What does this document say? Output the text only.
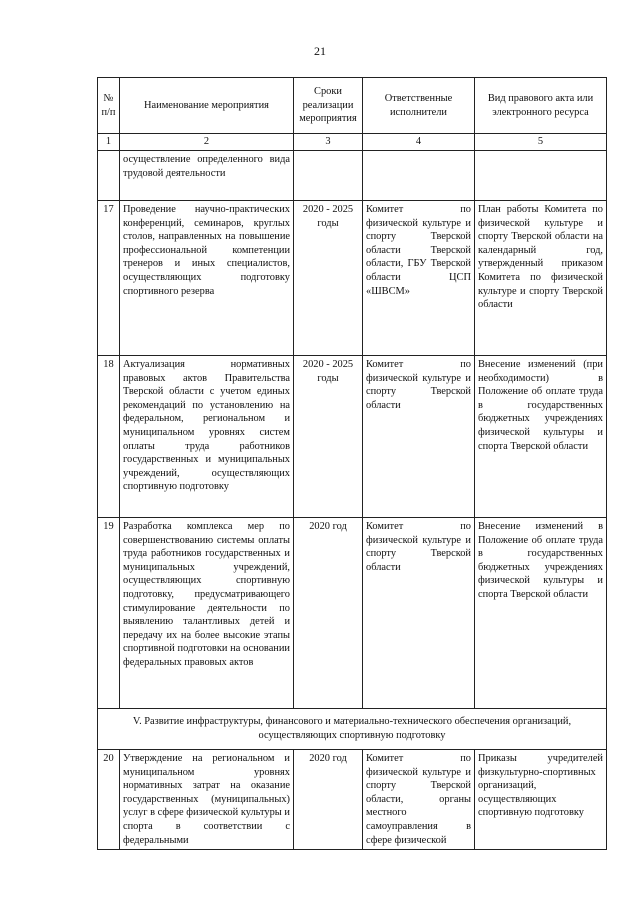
21
№ п/п	Наименование мероприятия	Сроки реализации мероприятия	Ответственные исполнители	Вид правового акта или электронного ресурса
1	2	3	4	5
	осуществление определенного вида трудовой деятельности			
17	Проведение научно-практических конференций, семинаров, круглых столов, направленных на повышение профессиональной компетенции тренеров и иных специалистов, осуществляющих подготовку спортивного резерва	2020 - 2025 годы	Комитет по физической культуре и спорту Тверской области Тверской области, ГБУ Тверской области ЦСП «ШВСМ»	План работы Комитета по физической культуре и спорту Тверской области на календарный год, утвержденный приказом Комитета по физической культуре и спорту Тверской области
18	Актуализация нормативных правовых актов Правительства Тверской области с учетом единых рекомендаций по установлению на федеральном, региональном и муниципальном уровнях систем оплаты труда работников государственных и муниципальных учреждений, осуществляющих спортивную подготовку	2020 - 2025 годы	Комитет по физической культуре и спорту Тверской области	Внесение изменений (при необходимости) в Положение об оплате труда в государственных бюджетных учреждениях физической культуры и спорта Тверской области
19	Разработка комплекса мер по совершенствованию системы оплаты труда работников государственных и муниципальных учреждений, осуществляющих спортивную подготовку, предусматривающего стимулирование деятельности по выявлению талантливых детей и передачу их на более высокие этапы спортивной подготовки на основании федеральных правовых актов	2020 год	Комитет по физической культуре и спорту Тверской области	Внесение изменений в Положение об оплате труда в государственных бюджетных учреждениях физической культуры и спорта Тверской области
V. Развитие инфраструктуры, финансового и материально-технического обеспечения организаций, осуществляющих спортивную подготовку				
20	Утверждение на региональном и муниципальном уровнях нормативных затрат на оказание государственных (муниципальных) услуг в сфере физической культуры и спорта в соответствии с федеральными	2020 год	Комитет по физической культуре и спорту Тверской области, органы местного самоуправления в сфере физической	Приказы учредителей физкультурно-спортивных организаций, осуществляющих спортивную подготовку
